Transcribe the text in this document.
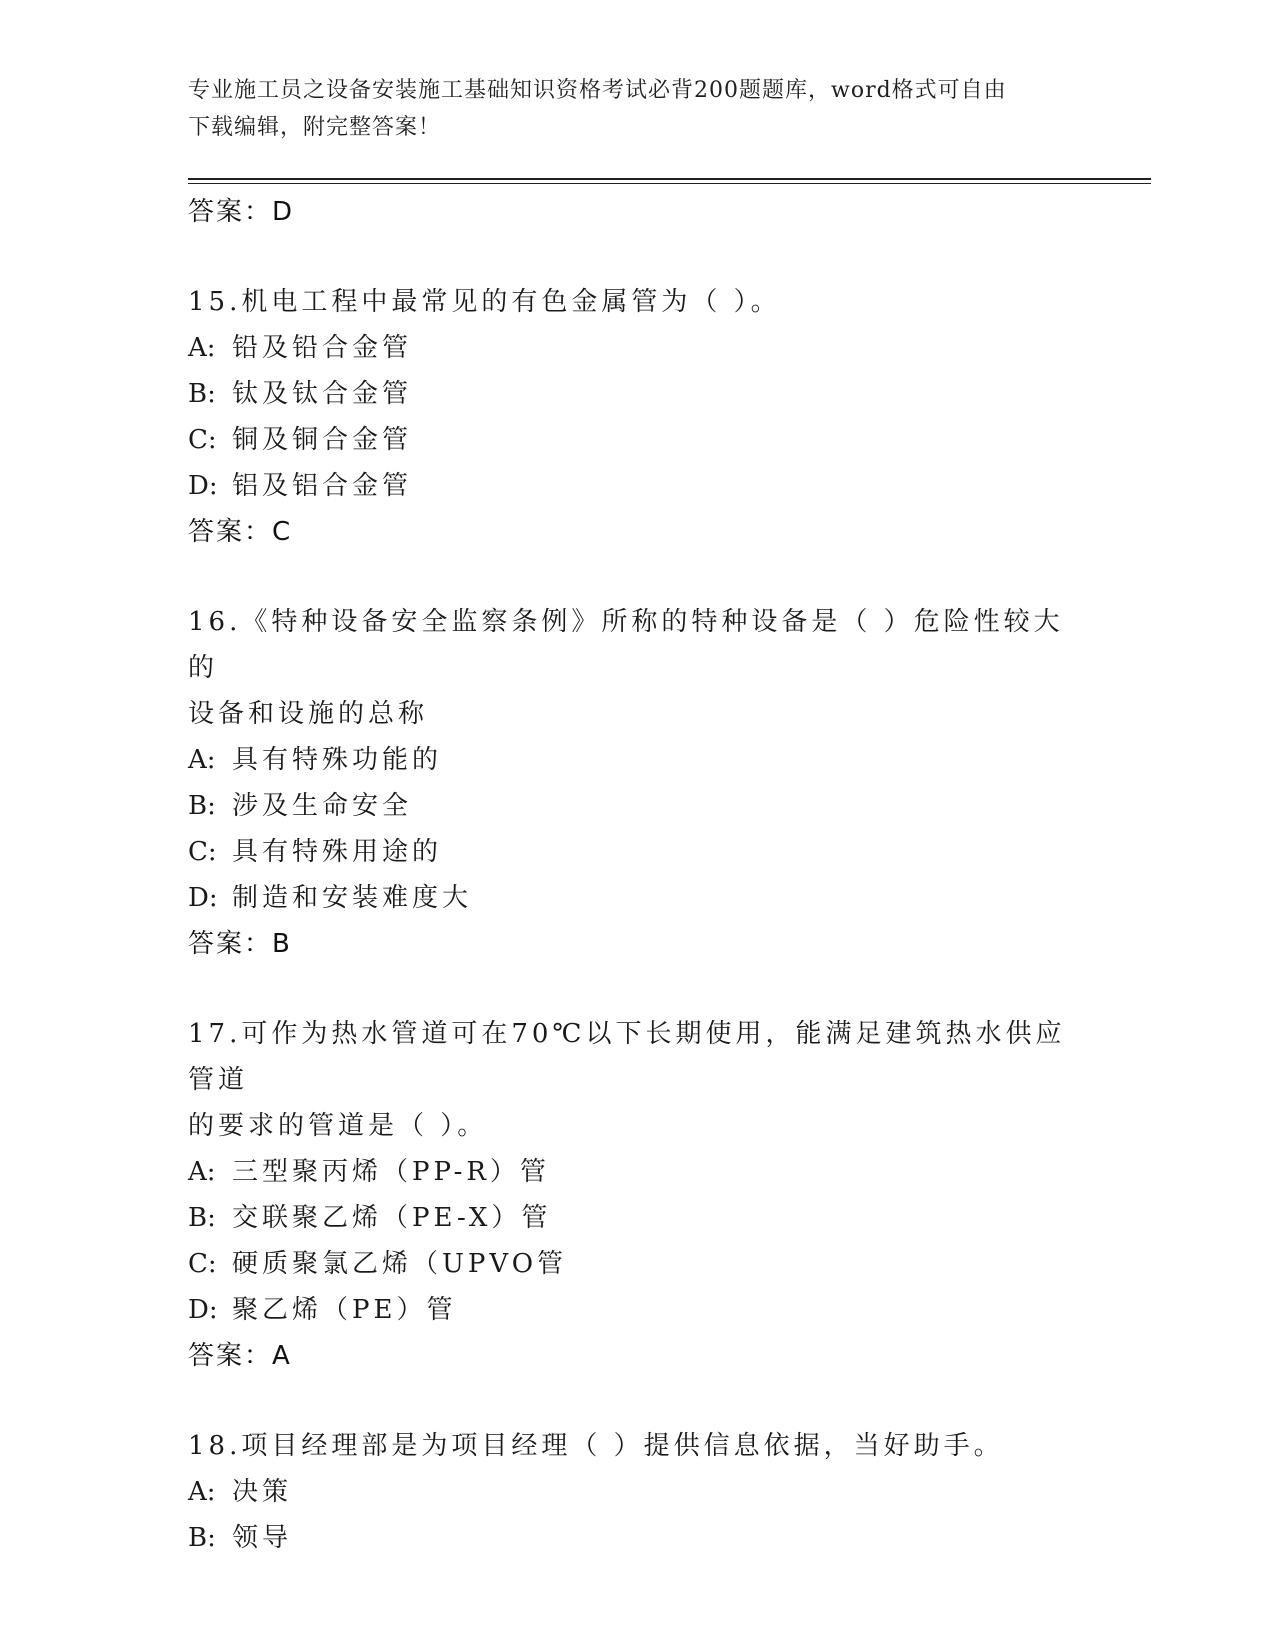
专业施工员之设备安装施工基础知识资格考试必背200题题库，word格式可自由
下载编辑，附完整答案！
答案：D
15.机电工程中最常见的有色金属管为（ ）。
A: 铅及铅合金管
B: 钛及钛合金管
C: 铜及铜合金管
D: 铝及铝合金管
答案：C
16.《特种设备安全监察条例》所称的特种设备是（ ）危险性较大的
设备和设施的总称
A: 具有特殊功能的
B: 涉及生命安全
C: 具有特殊用途的
D: 制造和安装难度大
答案：B
17.可作为热水管道可在70℃以下长期使用，能满足建筑热水供应管道
的要求的管道是（ ）。
A: 三型聚丙烯（PP-R）管
B: 交联聚乙烯（PE-X）管
C: 硬质聚氯乙烯（UPVO管
D: 聚乙烯（PE）管
答案：A
18.项目经理部是为项目经理（ ）提供信息依据，当好助手。
A: 决策
B: 领导
